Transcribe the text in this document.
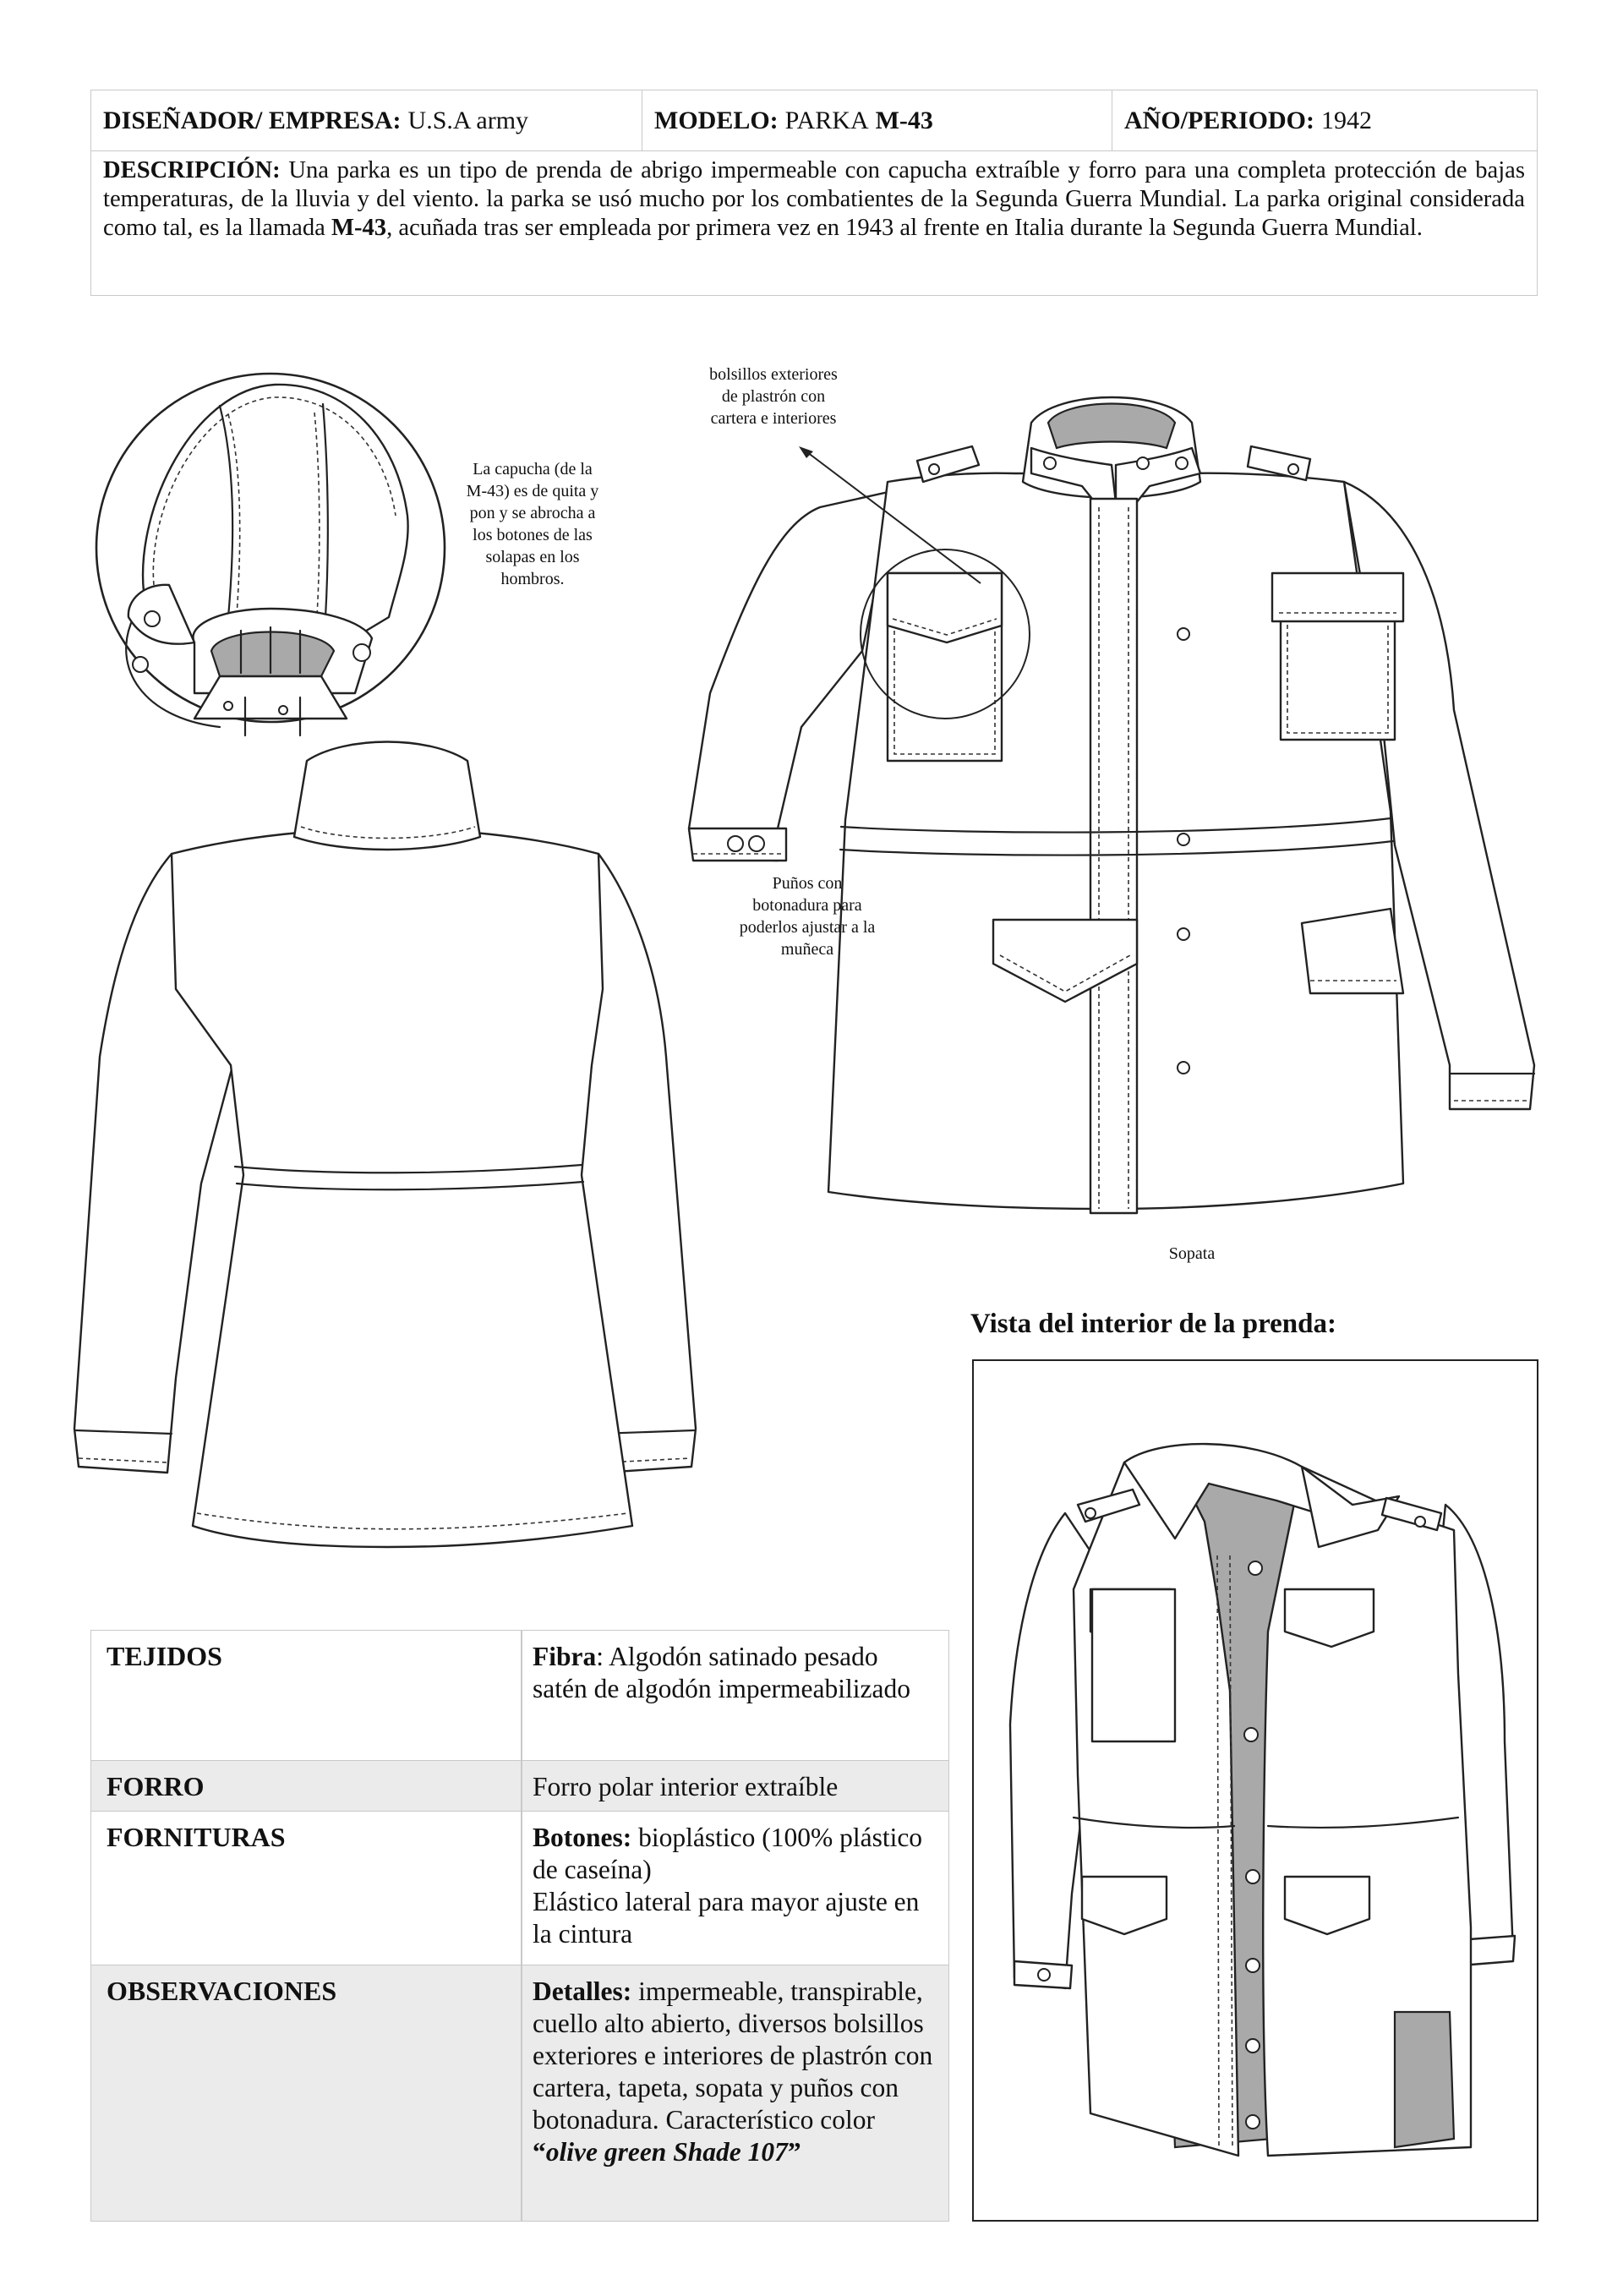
DISEÑADOR/ EMPRESA: U.S.A army	MODELO: PARKA M-43	AÑO/PERIODO: 1942
DESCRIPCIÓN: Una parka es un tipo de prenda de abrigo impermeable con capucha extraíble y forro para una completa protección de bajas temperaturas, de la lluvia y del viento. la parka se usó mucho por los combatientes de la Segunda Guerra Mundial. La parka original considerada como tal, es la llamada M-43, acuñada tras ser empleada por primera vez en 1943 al frente en Italia durante la Segunda Guerra Mundial.
La capucha (de la
M-43) es de quita y
pon y se abrocha a
los botones de las
solapas en los
hombros.
bolsillos exteriores
de plastrón con
cartera e interiores
Puños con
botonadura para
poderlos ajustar a la
muñeca
Sopata
Vista del interior de la prenda:
TEJIDOS	Fibra: Algodón satinado pesado satén de algodón impermeabilizado
FORRO	Forro polar interior extraíble
FORNITURAS	Botones: bioplástico (100% plástico de caseína)
Elástico lateral para mayor ajuste en la cintura
OBSERVACIONES	Detalles: impermeable, transpirable, cuello alto abierto, diversos bolsillos exteriores e interiores de plastrón con cartera, tapeta, sopata y puños con botonadura. Característico color
“olive green Shade 107”
